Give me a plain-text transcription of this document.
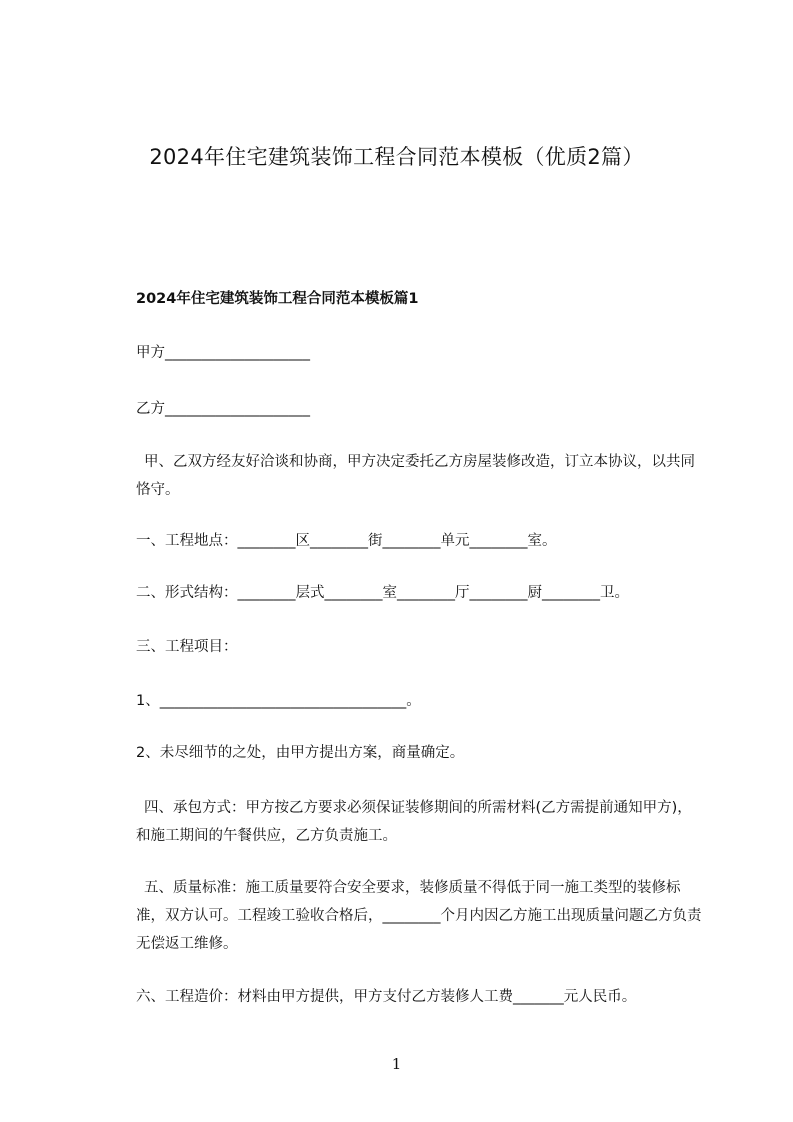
2024年住宅建筑装饰工程合同范本模板（优质2篇）
2024年住宅建筑装饰工程合同范本模板篇1
甲方____________________
乙方____________________
甲、乙双方经友好洽谈和协商，甲方决定委托乙方房屋装修改造，订立本协议，以共同恪守。
一、工程地点：________区________街________单元________室。
二、形式结构：________层式________室________厅________厨________卫。
三、工程项目：
1、__________________________________。
2、未尽细节的之处，由甲方提出方案，商量确定。
四、承包方式：甲方按乙方要求必须保证装修期间的所需材料(乙方需提前通知甲方)，和施工期间的午餐供应，乙方负责施工。
五、质量标准：施工质量要符合安全要求，装修质量不得低于同一施工类型的装修标准，双方认可。工程竣工验收合格后，________个月内因乙方施工出现质量问题乙方负责无偿返工维修。
六、工程造价：材料由甲方提供，甲方支付乙方装修人工费_______元人民币。
1
